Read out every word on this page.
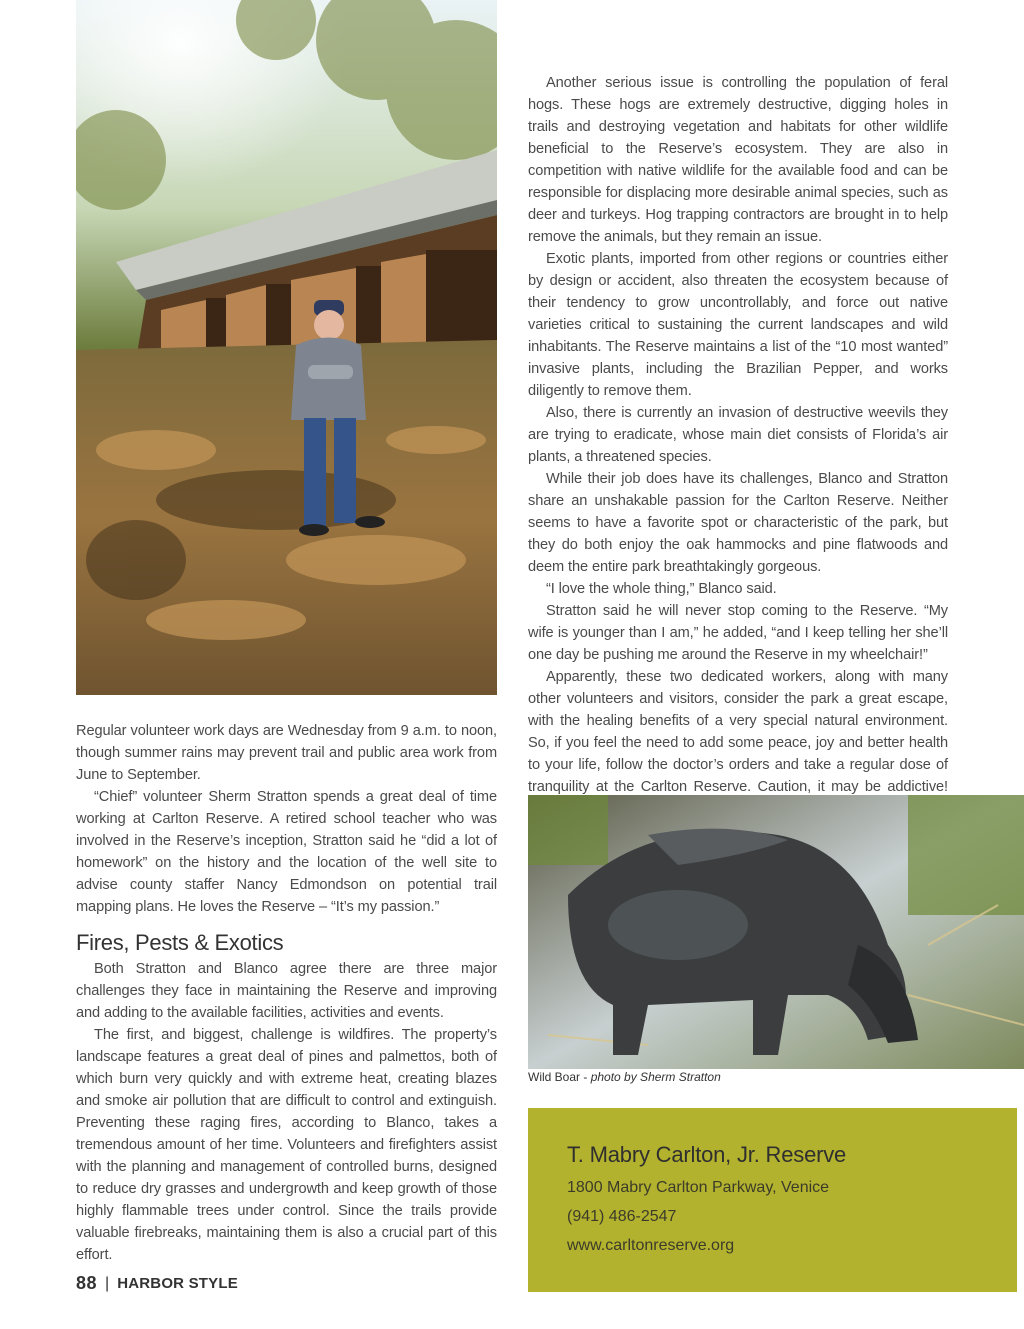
Regular volunteer work days are Wednesday from 9 a.m. to noon, though summer rains may prevent trail and public area work from June to September.

“Chief” volunteer Sherm Stratton spends a great deal of time working at Carlton Reserve. A retired school teacher who was involved in the Reserve’s inception, Stratton said he “did a lot of homework” on the history and the location of the well site to advise county staffer Nancy Edmondson on potential trail mapping plans. He loves the Reserve – “It’s my passion.”

Fires, Pests & Exotics

Both Stratton and Blanco agree there are three major challenges they face in maintaining the Reserve and improving and adding to the available facilities, activities and events.

The first, and biggest, challenge is wildfires. The property’s landscape features a great deal of pines and palmettos, both of which burn very quickly and with extreme heat, creating blazes and smoke air pollution that are difficult to control and extinguish. Preventing these raging fires, according to Blanco, takes a tremendous amount of her time. Volunteers and firefighters assist with the planning and management of controlled burns, designed to reduce dry grasses and undergrowth and keep growth of those highly flammable trees under control. Since the trails provide valuable firebreaks, maintaining them is also a crucial part of this effort.

Another serious issue is controlling the population of feral hogs. These hogs are extremely destructive, digging holes in trails and destroying vegetation and habitats for other wildlife beneficial to the Reserve’s ecosystem. They are also in competition with native wildlife for the available food and can be responsible for displacing more desirable animal species, such as deer and turkeys. Hog trapping contractors are brought in to help remove the animals, but they remain an issue.

Exotic plants, imported from other regions or countries either by design or accident, also threaten the ecosystem because of their tendency to grow uncontrollably, and force out native varieties critical to sustaining the current landscapes and wild inhabitants. The Reserve maintains a list of the “10 most wanted” invasive plants, including the Brazilian Pepper, and works diligently to remove them.

Also, there is currently an invasion of destructive weevils they are trying to eradicate, whose main diet consists of Florida’s air plants, a threatened species.

While their job does have its challenges, Blanco and Stratton share an unshakable passion for the Carlton Reserve. Neither seems to have a favorite spot or characteristic of the park, but they do both enjoy the oak hammocks and pine flatwoods and deem the entire park breathtakingly gorgeous.

“I love the whole thing,” Blanco said.

Stratton said he will never stop coming to the Reserve. “My wife is younger than I am,” he added, “and I keep telling her she’ll one day be pushing me around the Reserve in my wheelchair!”

Apparently, these two dedicated workers, along with many other volunteers and visitors, consider the park a great escape, with the healing benefits of a very special natural environment. So, if you feel the need to add some peace, joy and better health to your life, follow the doctor’s orders and take a regular dose of tranquility at the Carlton Reserve. Caution, it may be addictive!

Wild Boar - photo by Sherm Stratton
T. Mabry Carlton, Jr. Reserve

1800 Mabry Carlton Parkway, Venice

(941) 486-2547

www.carltonreserve.org

88 | HARBOR STYLE
